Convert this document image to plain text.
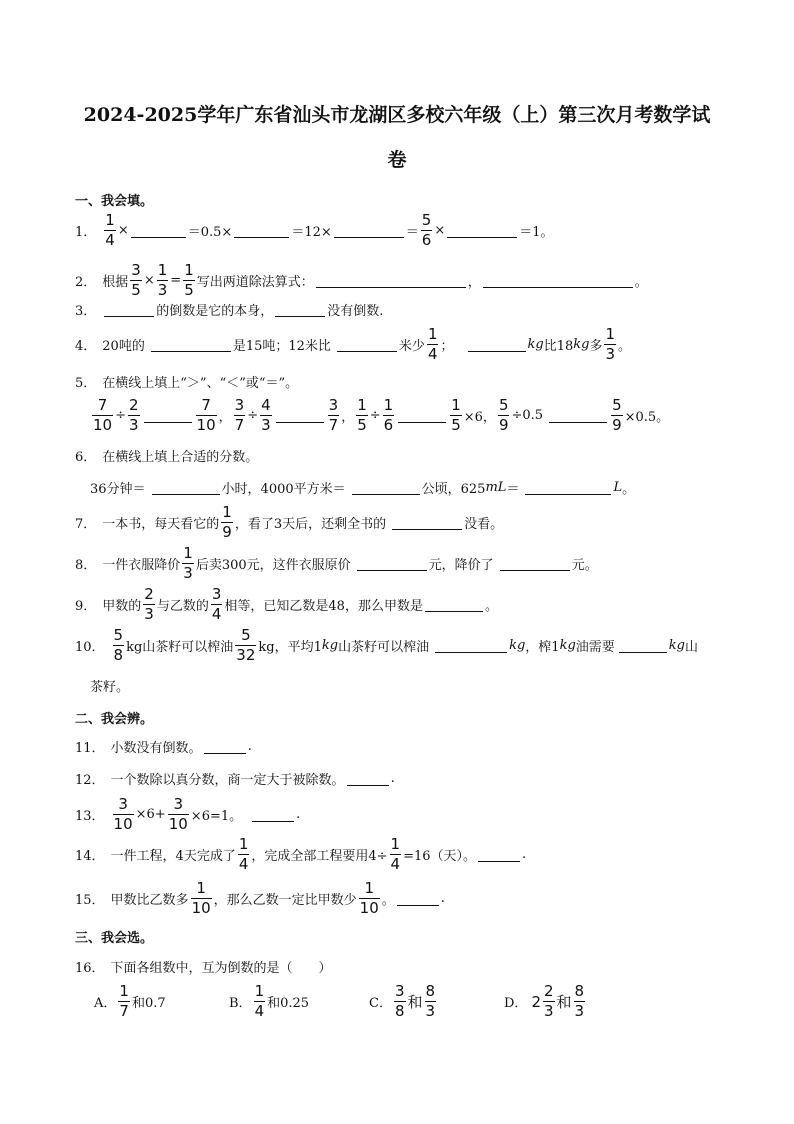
2024-2025学年广东省汕头市龙湖区多校六年级（上）第三次月考数学试
卷
一、我会填。
1． $\frac{1}{4}$ ×	＝0.5×	＝12×	＝ $\frac{5}{6}$ ×	＝1。
2． 根据 $\frac{3}{5} \times \frac{1}{3} = \frac{1}{5}$ 写出两道除法算式：	，	。
3．	的倒数是它的本身，	没有倒数.
4． 20吨的	是15吨；12米比	米少 $\frac{1}{4}$ ；	kg 比18 kg 多 $\frac{1}{3}$ 。
5． 在横线上填上“＞”、“＜”或“＝”。
$\frac{7}{10} \div \frac{2}{3}$	$\frac{7}{10}$ ， $\frac{3}{7} \div \frac{4}{3}$	$\frac{3}{7}$ ， $\frac{1}{5} \div \frac{1}{6}$	$\frac{1}{5} \times 6$， $\frac{5}{9} \div 0.5$	$\frac{5}{9} \times 0.5$。
6． 在横线上填上合适的分数。
36分钟＝	小时，4000平方米＝	公顷，625 mL ＝	L 。
7． 一本书，每天看它的 $\frac{1}{9}$ ，看了3天后，还剩全书的	没看。
8． 一件衣服降价 $\frac{1}{3}$ 后卖300元，这件衣服原价	元，降价了	元。
9． 甲数的 $\frac{2}{3}$ 与乙数的 $\frac{3}{4}$ 相等，已知乙数是48，那么甲数是	。
10． $\frac{5}{8}$ kg山茶籽可以榨油 $\frac{5}{32}$ kg，平均1 kg 山茶籽可以榨油	kg ，榨1 kg 油需要	kg 山
茶籽。
二、我会辨。
11． 小数没有倒数。	.
12． 一个数除以真分数，商一定大于被除数。	.
13． $\frac{3}{10} \times 6+ \frac{3}{10} \times 6=1$。	.
14． 一件工程，4天完成了 $\frac{1}{4}$ ，完成全部工程要用$4\div \frac{1}{4} =16$（天）。	.
15． 甲数比乙数多 $\frac{1}{10}$ ，那么乙数一定比甲数少 $\frac{1}{10}$ 。	.
三、我会选。
16． 下面各组数中，互为倒数的是（　　）
A． $\frac{1}{7}$ 和0.7	B． $\frac{1}{4}$ 和0.25	C． $\frac{3}{8}$ 和 $\frac{8}{3}$	D． $2 \frac{2}{3}$ 和 $\frac{8}{3}$
